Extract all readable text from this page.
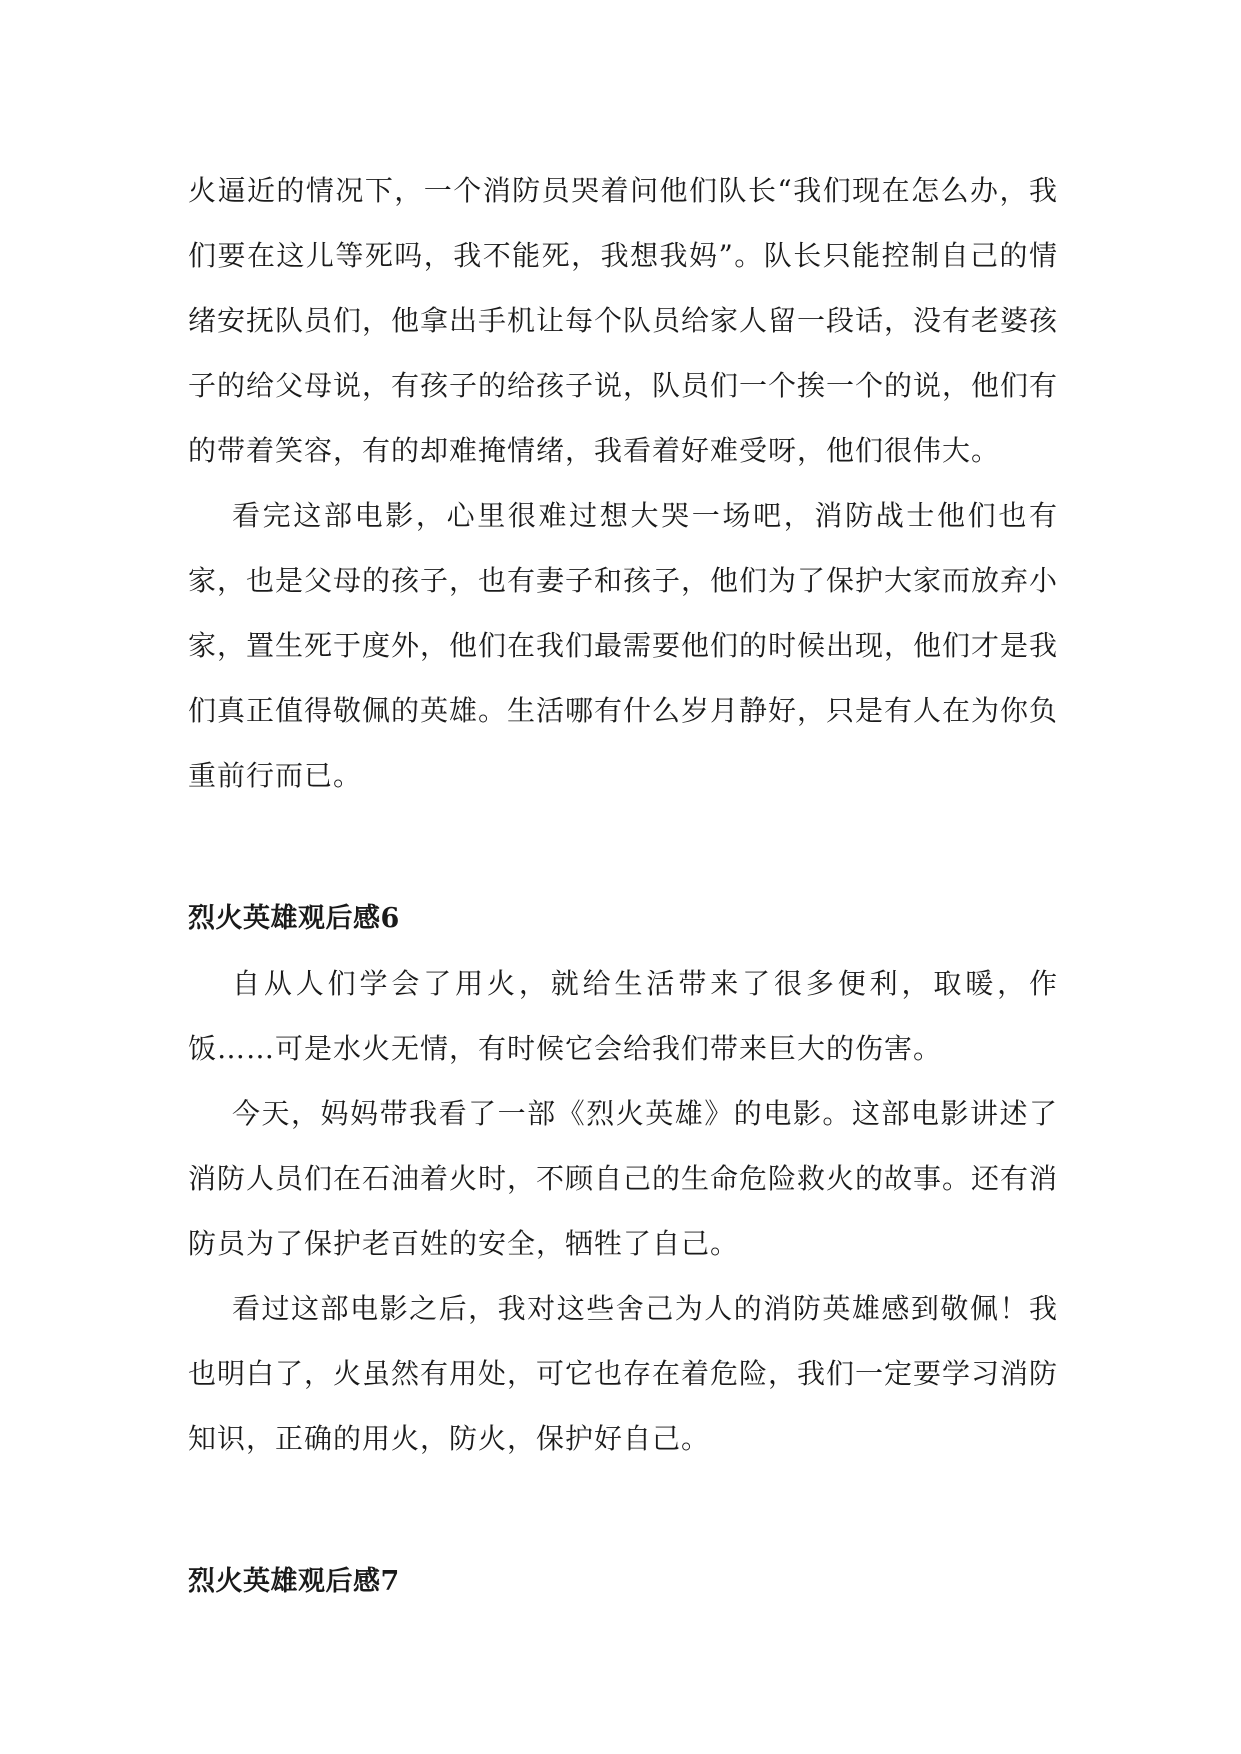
火逼近的情况下，一个消防员哭着问他们队长“我们现在怎么办，我们要在这儿等死吗，我不能死，我想我妈”。队长只能控制自己的情绪安抚队员们，他拿出手机让每个队员给家人留一段话，没有老婆孩子的给父母说，有孩子的给孩子说，队员们一个挨一个的说，他们有的带着笑容，有的却难掩情绪，我看着好难受呀，他们很伟大。

看完这部电影，心里很难过想大哭一场吧，消防战士他们也有家，也是父母的孩子，也有妻子和孩子，他们为了保护大家而放弃小家，置生死于度外，他们在我们最需要他们的时候出现，他们才是我们真正值得敬佩的英雄。生活哪有什么岁月静好，只是有人在为你负重前行而已。

烈火英雄观后感6

自从人们学会了用火，就给生活带来了很多便利，取暖，作饭……可是水火无情，有时候它会给我们带来巨大的伤害。

今天，妈妈带我看了一部《烈火英雄》的电影。这部电影讲述了消防人员们在石油着火时，不顾自己的生命危险救火的故事。还有消防员为了保护老百姓的安全，牺牲了自己。

看过这部电影之后，我对这些舍己为人的消防英雄感到敬佩！我也明白了，火虽然有用处，可它也存在着危险，我们一定要学习消防知识，正确的用火，防火，保护好自己。

烈火英雄观后感7
